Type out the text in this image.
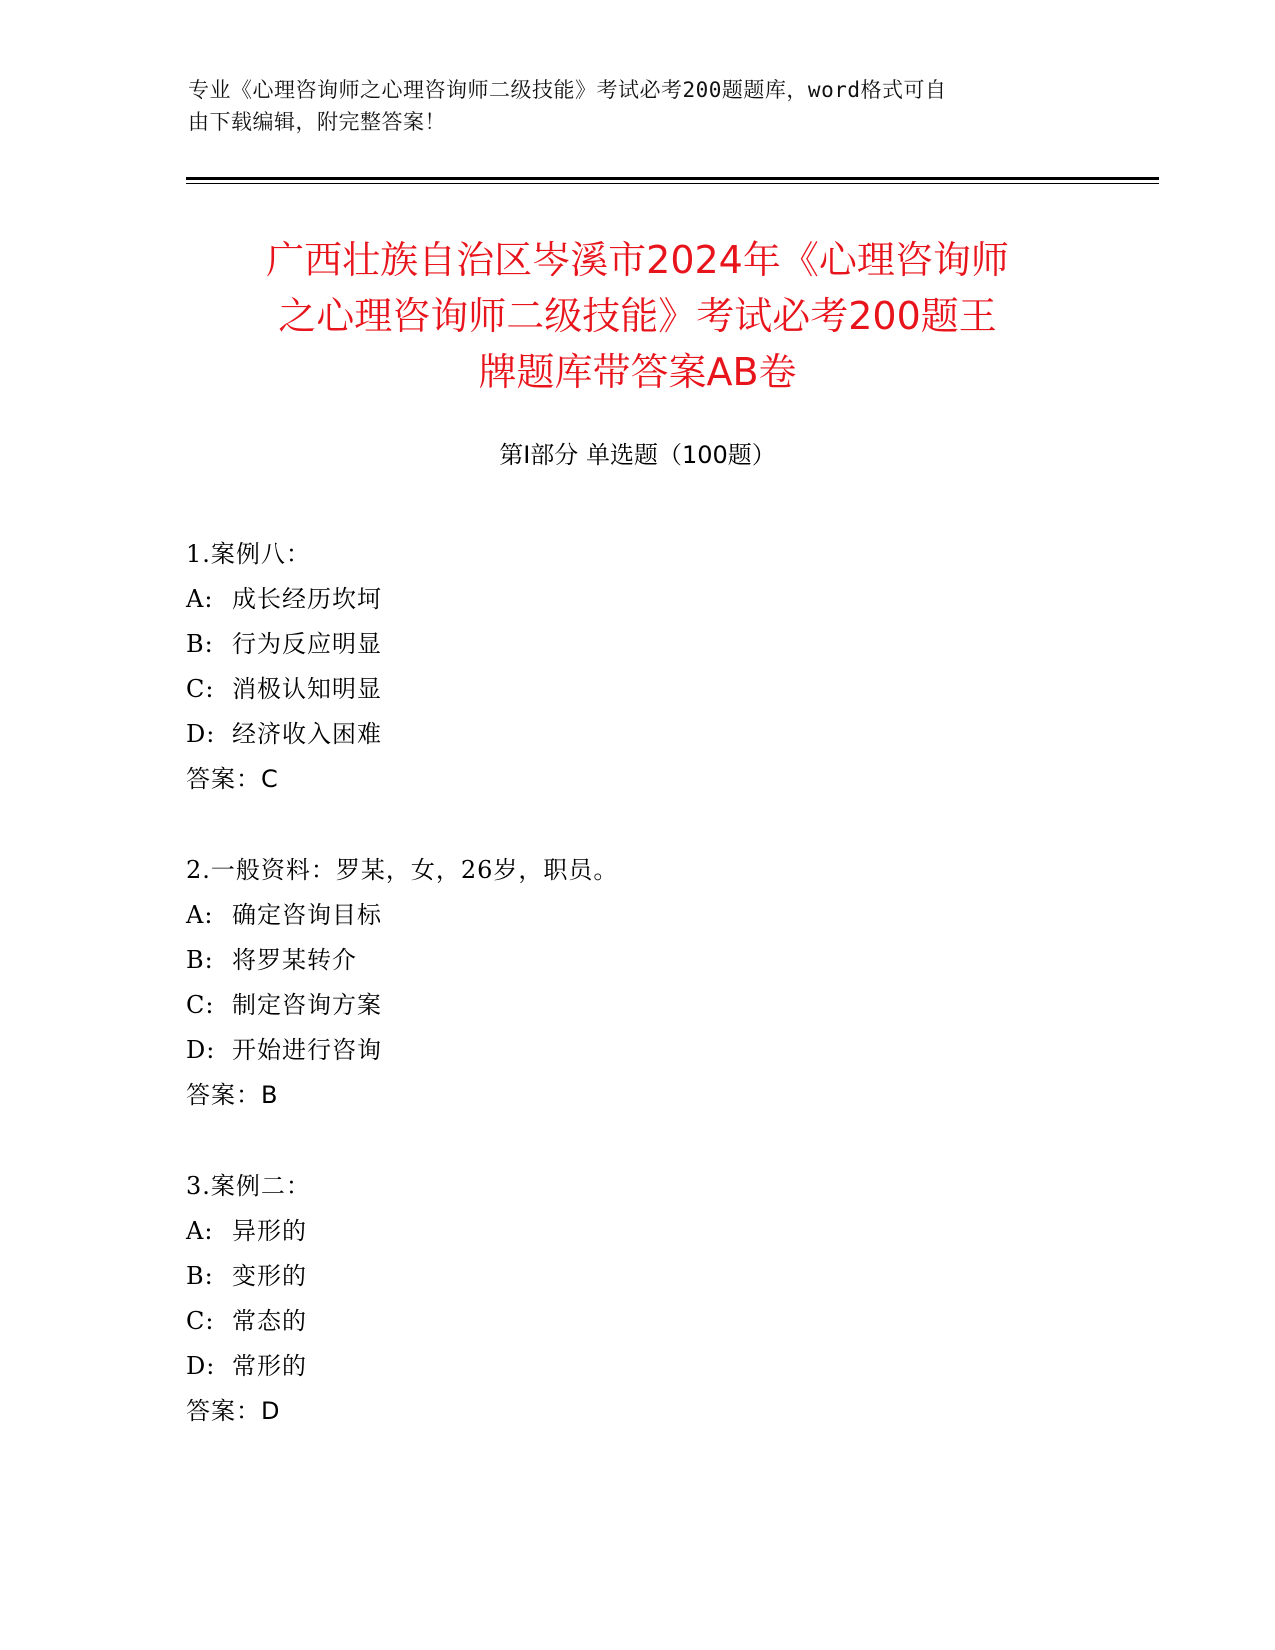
专业《心理咨询师之心理咨询师二级技能》考试必考200题题库，word格式可自
由下载编辑，附完整答案！
广西壮族自治区岑溪市2024年《心理咨询师
之心理咨询师二级技能》考试必考200题王
牌题库带答案AB卷
第Ⅰ部分 单选题（100题）
1.案例八：
A: 成长经历坎坷
B: 行为反应明显
C: 消极认知明显
D: 经济收入困难
答案：C
2.一般资料：罗某，女，26岁，职员。
A: 确定咨询目标
B: 将罗某转介
C: 制定咨询方案
D: 开始进行咨询
答案：B
3.案例二：
A: 异形的
B: 变形的
C: 常态的
D: 常形的
答案：D
